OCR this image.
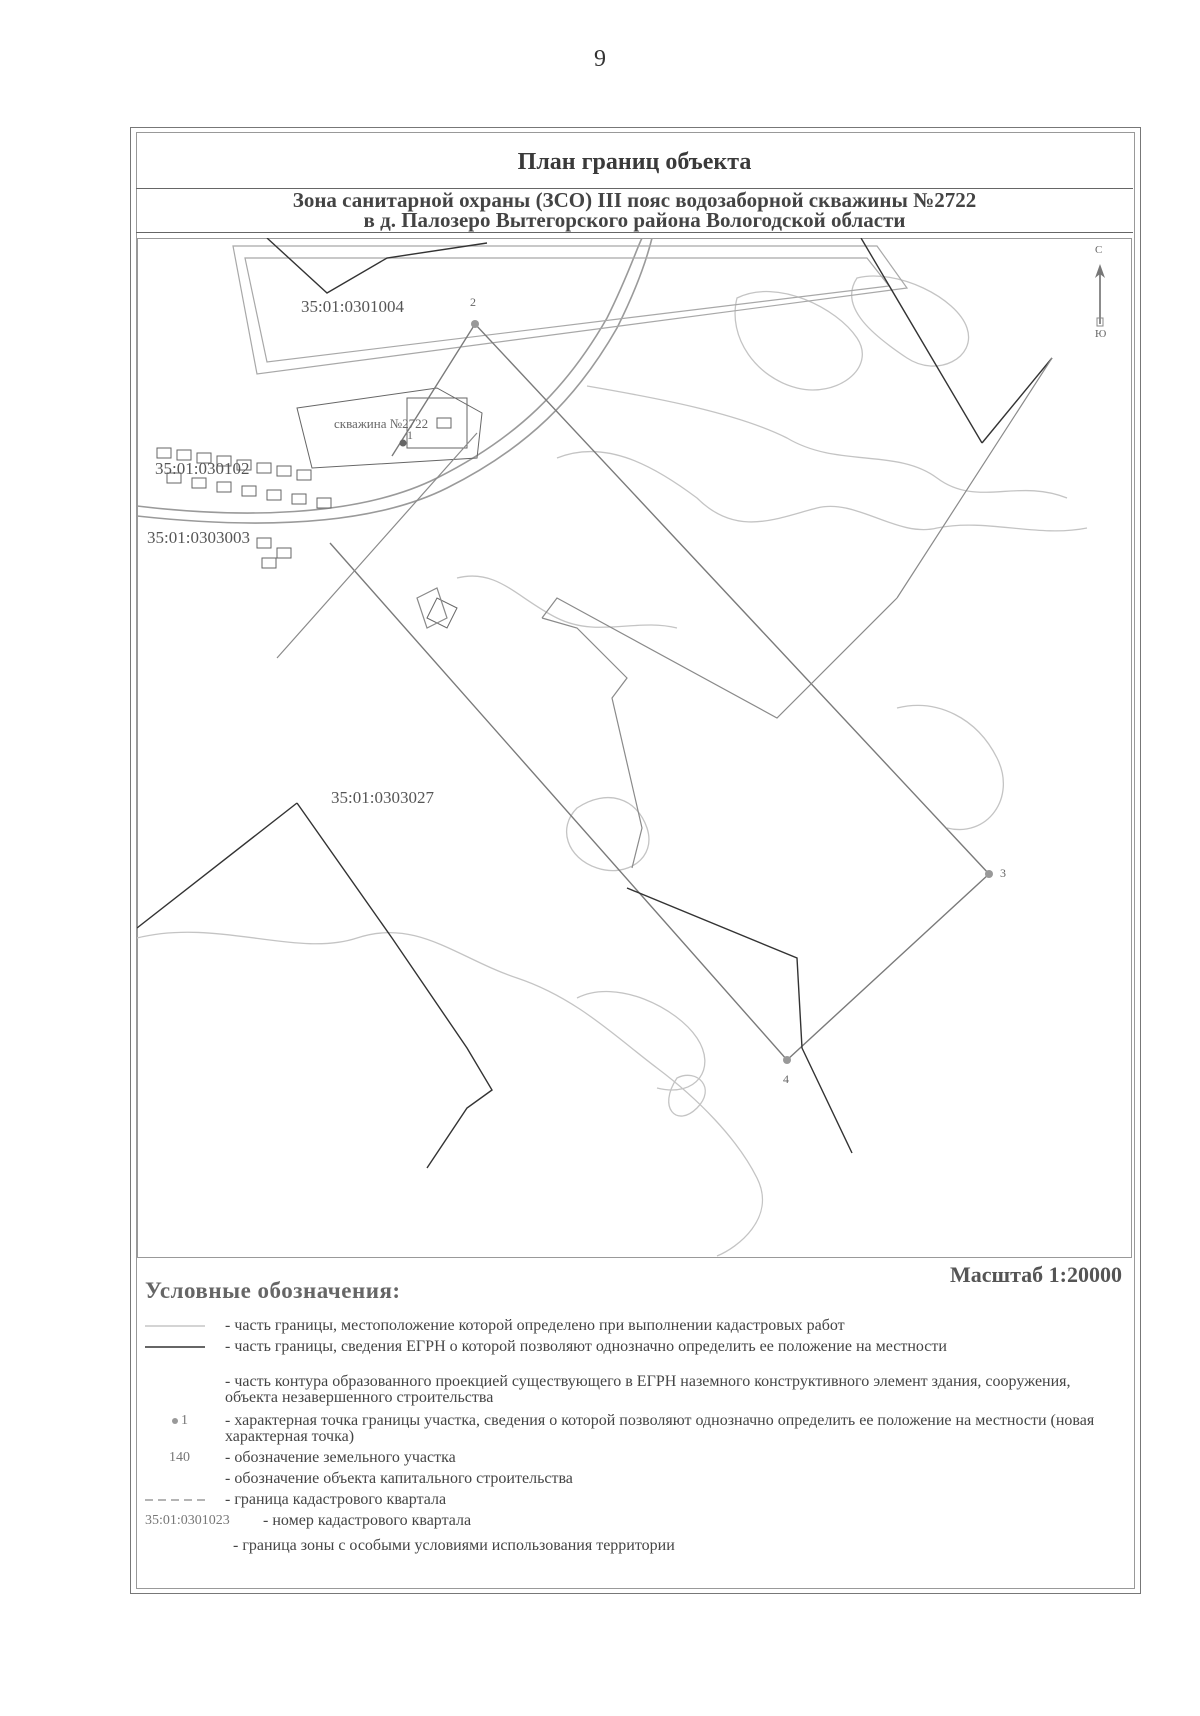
9
План границ объекта
Зона санитарной охраны (ЗСО) III пояс водозаборной скважины №2722
в д. Палозеро Вытегорского района Вологодской области
35:01:0301004
35:01:030102
35:01:0303003
35:01:0303027
скважина №2722
1
2
3
4
С
Ю
Масштаб 1:20000
Условные обозначения:
- часть границы, местоположение которой определено при выполнении кадастровых работ
- часть границы, сведения ЕГРН о которой позволяют однозначно определить ее положение на местности
- часть контура образованного проекцией существующего в ЕГРН наземного конструктивного элемент здания, сооружения, объекта незавершенного строительства
1 - характерная точка границы участка, сведения о которой позволяют однозначно определить ее положение на местности (новая характерная точка)
140 - обозначение земельного участка
- обозначение объекта капитального строительства
- граница кадастрового квартала
35:01:0301023 - номер кадастрового квартала
- граница зоны с особыми условиями использования территории
